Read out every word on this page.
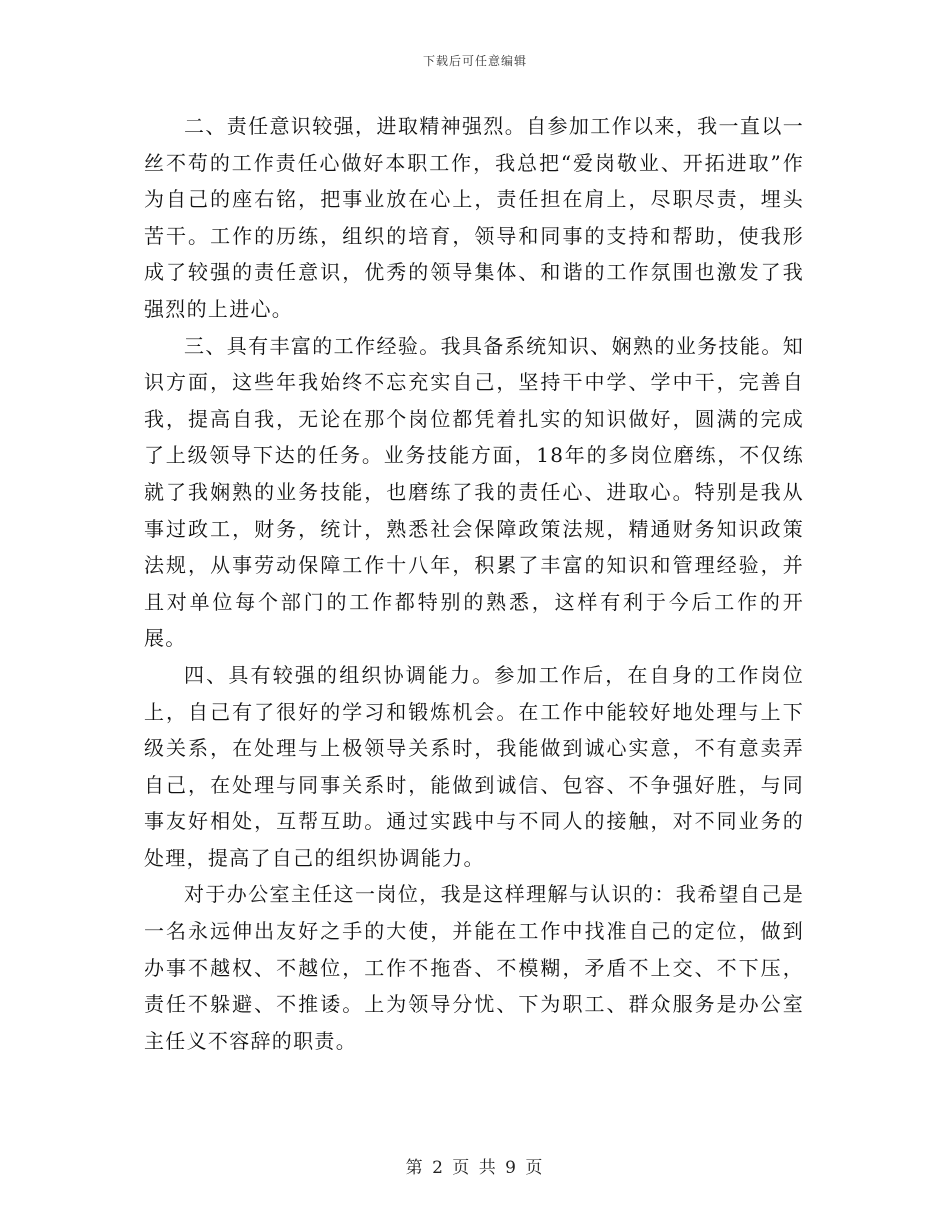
下载后可任意编辑

二、责任意识较强，进取精神强烈。自参加工作以来，我一直以一丝不苟的工作责任心做好本职工作，我总把“爱岗敬业、开拓进取”作为自己的座右铭，把事业放在心上，责任担在肩上，尽职尽责，埋头苦干。工作的历练，组织的培育，领导和同事的支持和帮助，使我形成了较强的责任意识，优秀的领导集体、和谐的工作氛围也激发了我强烈的上进心。

三、具有丰富的工作经验。我具备系统知识、娴熟的业务技能。知识方面，这些年我始终不忘充实自己，坚持干中学、学中干，完善自我，提高自我，无论在那个岗位都凭着扎实的知识做好，圆满的完成了上级领导下达的任务。业务技能方面，18年的多岗位磨练，不仅练就了我娴熟的业务技能，也磨练了我的责任心、进取心。特别是我从事过政工，财务，统计，熟悉社会保障政策法规，精通财务知识政策法规，从事劳动保障工作十八年，积累了丰富的知识和管理经验，并且对单位每个部门的工作都特别的熟悉，这样有利于今后工作的开展。

四、具有较强的组织协调能力。参加工作后，在自身的工作岗位上，自己有了很好的学习和锻炼机会。在工作中能较好地处理与上下级关系，在处理与上极领导关系时，我能做到诚心实意，不有意卖弄自己，在处理与同事关系时，能做到诚信、包容、不争强好胜，与同事友好相处，互帮互助。通过实践中与不同人的接触，对不同业务的处理，提高了自己的组织协调能力。

对于办公室主任这一岗位，我是这样理解与认识的：我希望自己是一名永远伸出友好之手的大使，并能在工作中找准自己的定位，做到办事不越权、不越位，工作不拖沓、不模糊，矛盾不上交、不下压，责任不躲避、不推诿。上为领导分忧、下为职工、群众服务是办公室主任义不容辞的职责。

第 2 页 共 9 页
